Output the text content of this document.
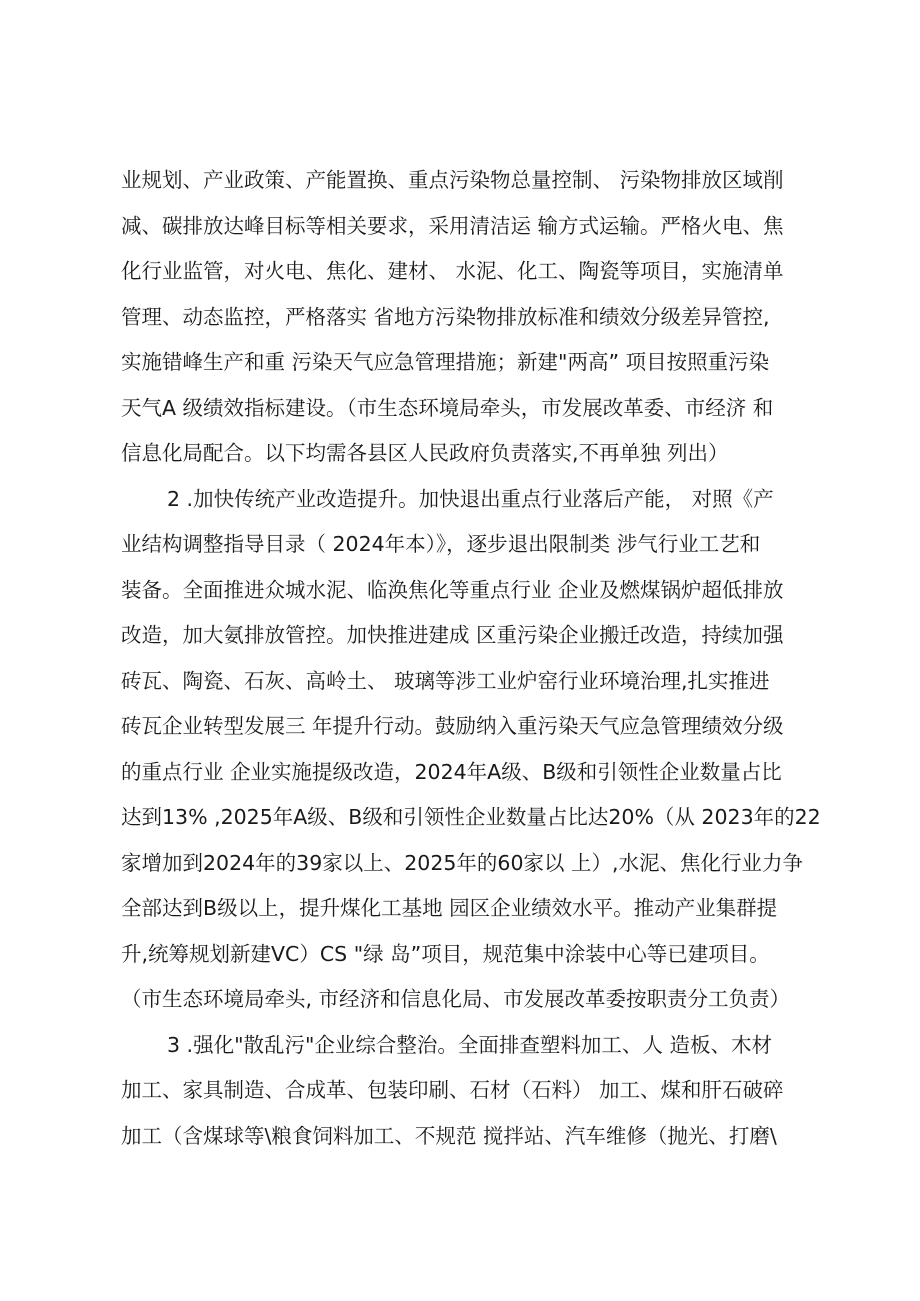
业规划、产业政策、产能置换、重点污染物总量控制、 污染物排放区域削
减、碳排放达峰目标等相关要求，采用清洁运 输方式运输。严格火电、焦
化行业监管，对火电、焦化、建材、 水泥、化工、陶瓷等项目，实施清单
管理、动态监控，严格落实 省地方污染物排放标准和绩效分级差异管控,
实施错峰生产和重 污染天气应急管理措施；新建"两高” 项目按照重污染
天气A 级绩效指标建设。（市生态环境局牵头，市发展改革委、市经济 和
信息化局配合。以下均需各县区人民政府负责落实,不再单独 列出）
2 .加快传统产业改造提升。加快退出重点行业落后产能， 对照《产
业结构调整指导目录（ 2024年本）》，逐步退出限制类 涉气行业工艺和
装备。全面推进众城水泥、临涣焦化等重点行业 企业及燃煤锅炉超低排放
改造，加大氨排放管控。加快推进建成 区重污染企业搬迁改造，持续加强
砖瓦、陶瓷、石灰、高岭土、 玻璃等涉工业炉窑行业环境治理,扎实推进
砖瓦企业转型发展三 年提升行动。鼓励纳入重污染天气应急管理绩效分级
的重点行业 企业实施提级改造，2024年A级、B级和引领性企业数量占比
达到13% ,2025年A级、B级和引领性企业数量占比达20%（从 2023年的22
家增加到2024年的39家以上、2025年的60家以 上）,水泥、焦化行业力争
全部达到B级以上，提升煤化工基地 园区企业绩效水平。推动产业集群提
升,统筹规划新建VC）CS "绿 岛”项目，规范集中涂装中心等已建项目。
（市生态环境局牵头, 市经济和信息化局、市发展改革委按职责分工负责）
3 .强化"散乱污"企业综合整治。全面排查塑料加工、人 造板、木材
加工、家具制造、合成革、包装印刷、石材（石料） 加工、煤和肝石破碎
加工（含煤球等\粮食饲料加工、不规范 搅拌站、汽车维修（抛光、打磨\
